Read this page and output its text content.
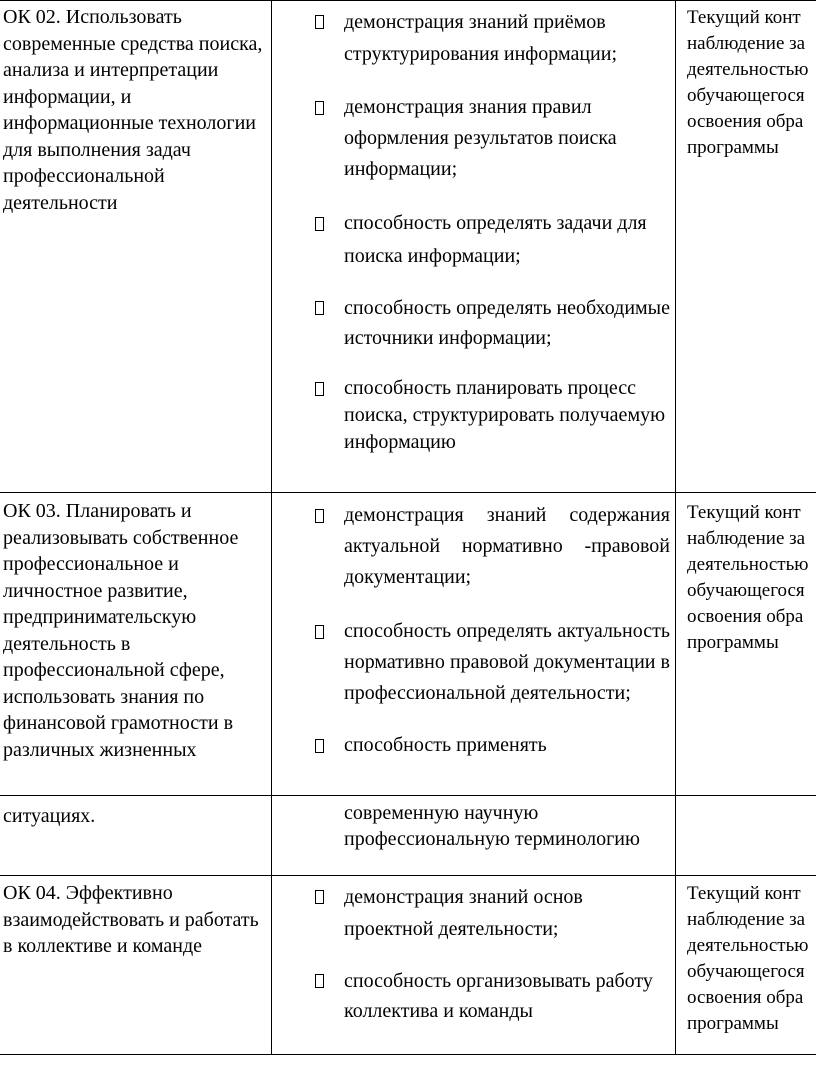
ОК 02. Использовать современные средства поиска, анализа и интерпретации информации, и информационные технологии для выполнения задач профессиональной деятельности
демонстрация знаний приёмов структурирования информации;
демонстрация знания правил оформления результатов поиска информации;
способность определять задачи для поиска информации;
способность определять необходимые источники информации;
способность планировать процесс поиска, структурировать получаемую информацию
Текущий конт
наблюдение за
деятельностью
обучающегося
освоения обра
программы
ОК 03. Планировать и реализовывать собственное профессиональное и личностное развитие, предпринимательскую деятельность в профессиональной сфере, использовать знания по финансовой грамотности в различных жизненных
демонстрация знаний содержания актуальной нормативно -правовой документации;
способность определять актуальность нормативно правовой документации в профессиональной деятельности;
способность применять
Текущий конт
наблюдение за
деятельностью
обучающегося
освоения обра
программы
ситуациях.	современную научную профессиональную терминологию
ОК 04. Эффективно взаимодействовать и работать в коллективе и команде
демонстрация знаний основ проектной деятельности;
способность организовывать работу коллектива и команды
Текущий конт
наблюдение за
деятельностью
обучающегося
освоения обра
программы
